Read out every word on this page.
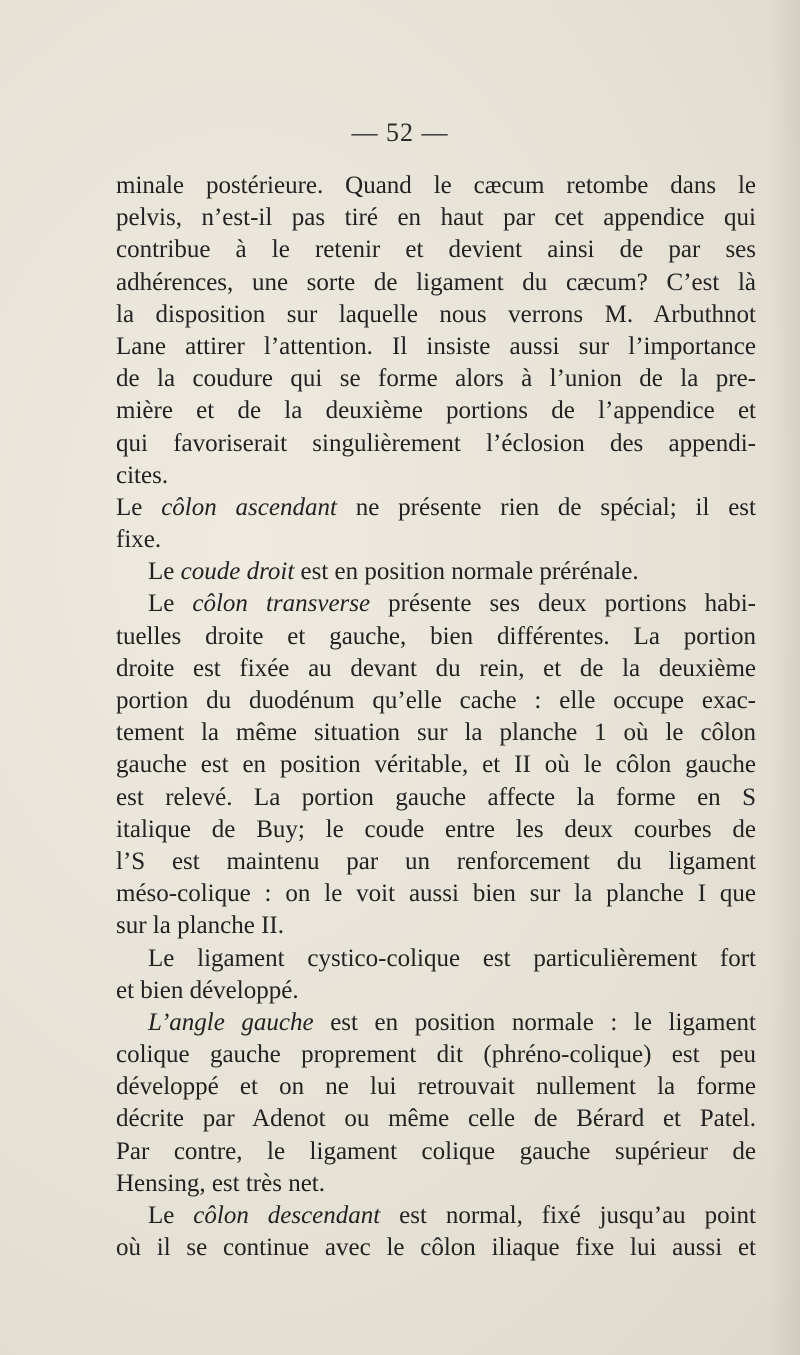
— 52 —
minale postérieure. Quand le cæcum retombe dans le
pelvis, n’est-il pas tiré en haut par cet appendice qui
contribue à le retenir et devient ainsi de par ses
adhérences, une sorte de ligament du cæcum? C’est là
la disposition sur laquelle nous verrons M. Arbuthnot
Lane attirer l’attention. Il insiste aussi sur l’importance
de la coudure qui se forme alors à l’union de la pre-
mière et de la deuxième portions de l’appendice et
qui favoriserait singulièrement l’éclosion des appendi-
cites.
Le côlon ascendant ne présente rien de spécial; il est
fixe.
Le coude droit est en position normale prérénale.
Le côlon transverse présente ses deux portions habi-
tuelles droite et gauche, bien différentes. La portion
droite est fixée au devant du rein, et de la deuxième
portion du duodénum qu’elle cache : elle occupe exac-
tement la même situation sur la planche 1 où le côlon
gauche est en position véritable, et II où le côlon gauche
est relevé. La portion gauche affecte la forme en S
italique de Buy; le coude entre les deux courbes de
l’S est maintenu par un renforcement du ligament
méso-colique : on le voit aussi bien sur la planche I que
sur la planche II.
Le ligament cystico-colique est particulièrement fort
et bien développé.
L’angle gauche est en position normale : le ligament
colique gauche proprement dit (phréno-colique) est peu
développé et on ne lui retrouvait nullement la forme
décrite par Adenot ou même celle de Bérard et Patel.
Par contre, le ligament colique gauche supérieur de
Hensing, est très net.
Le côlon descendant est normal, fixé jusqu’au point
où il se continue avec le côlon iliaque fixe lui aussi et
